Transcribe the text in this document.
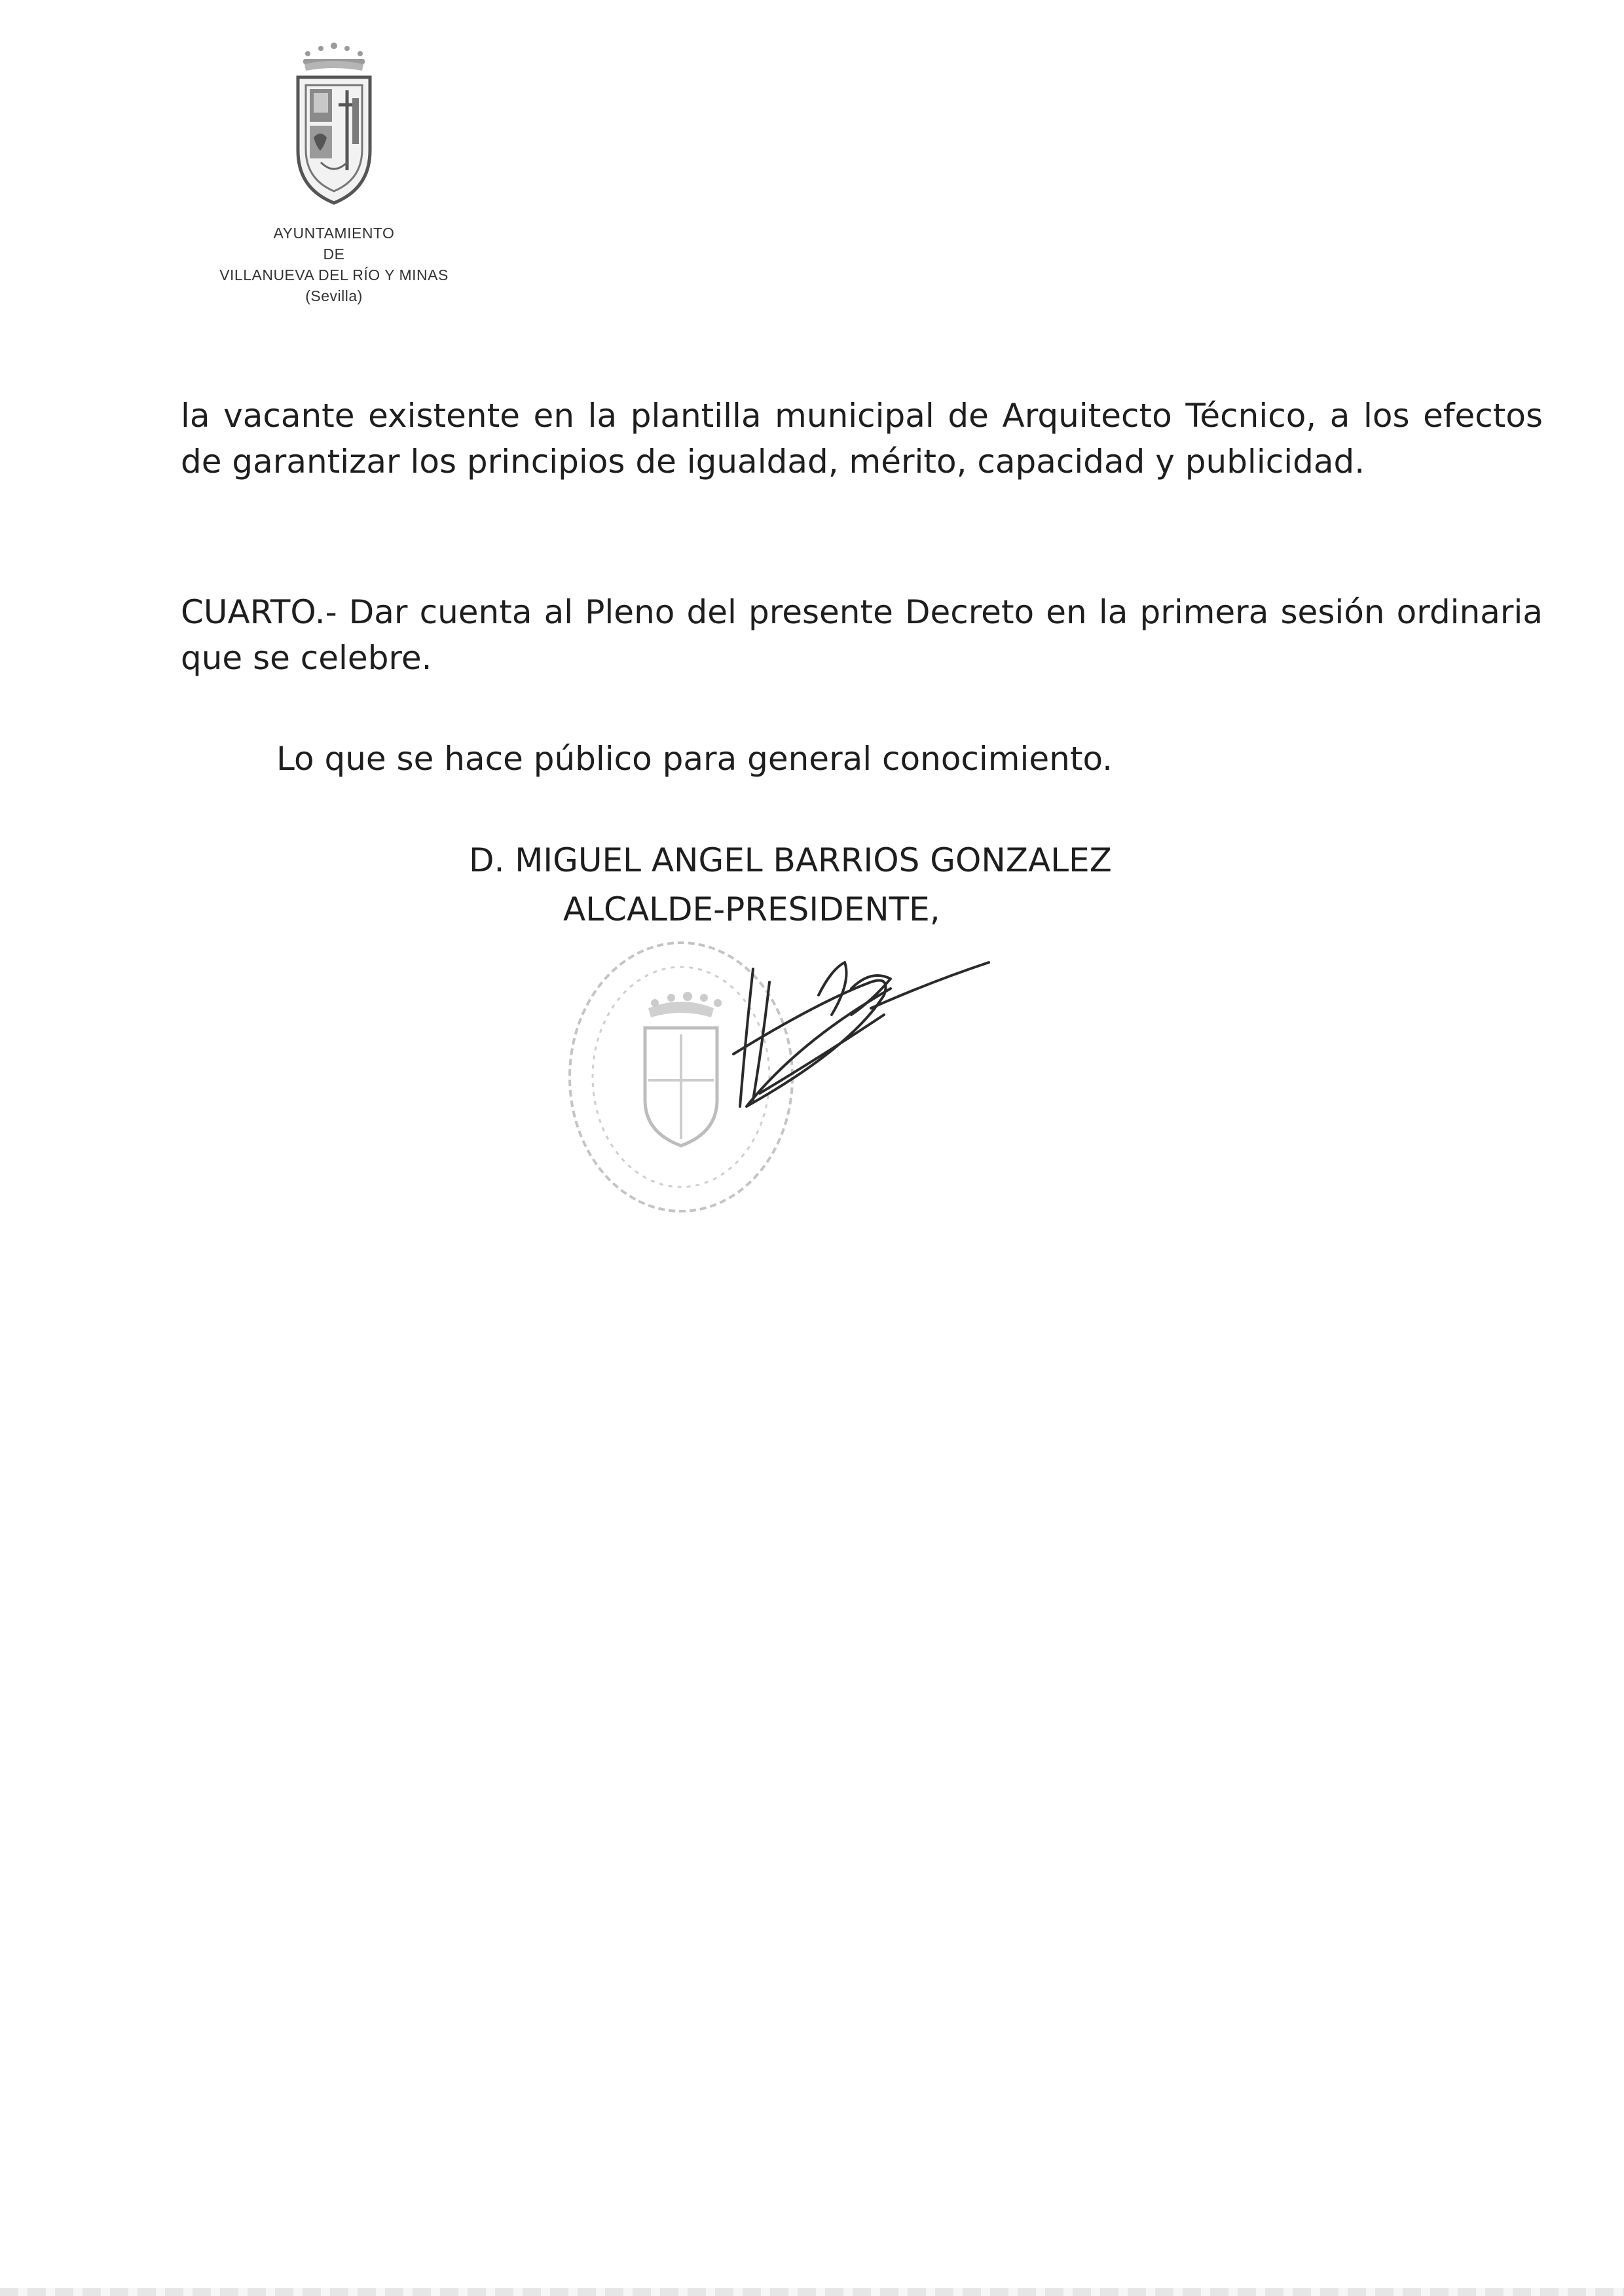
AYUNTAMIENTO
DE
VILLANUEVA DEL RÍO Y MINAS
(Sevilla)
la vacante existente en la plantilla municipal de Arquitecto Técnico, a los efectos de garantizar los principios de igualdad, mérito, capacidad y publicidad.
CUARTO.- Dar cuenta al Pleno del presente Decreto en la primera sesión ordinaria que se celebre.
Lo que se hace público para general conocimiento.
D. MIGUEL ANGEL BARRIOS GONZALEZ
ALCALDE-PRESIDENTE,
